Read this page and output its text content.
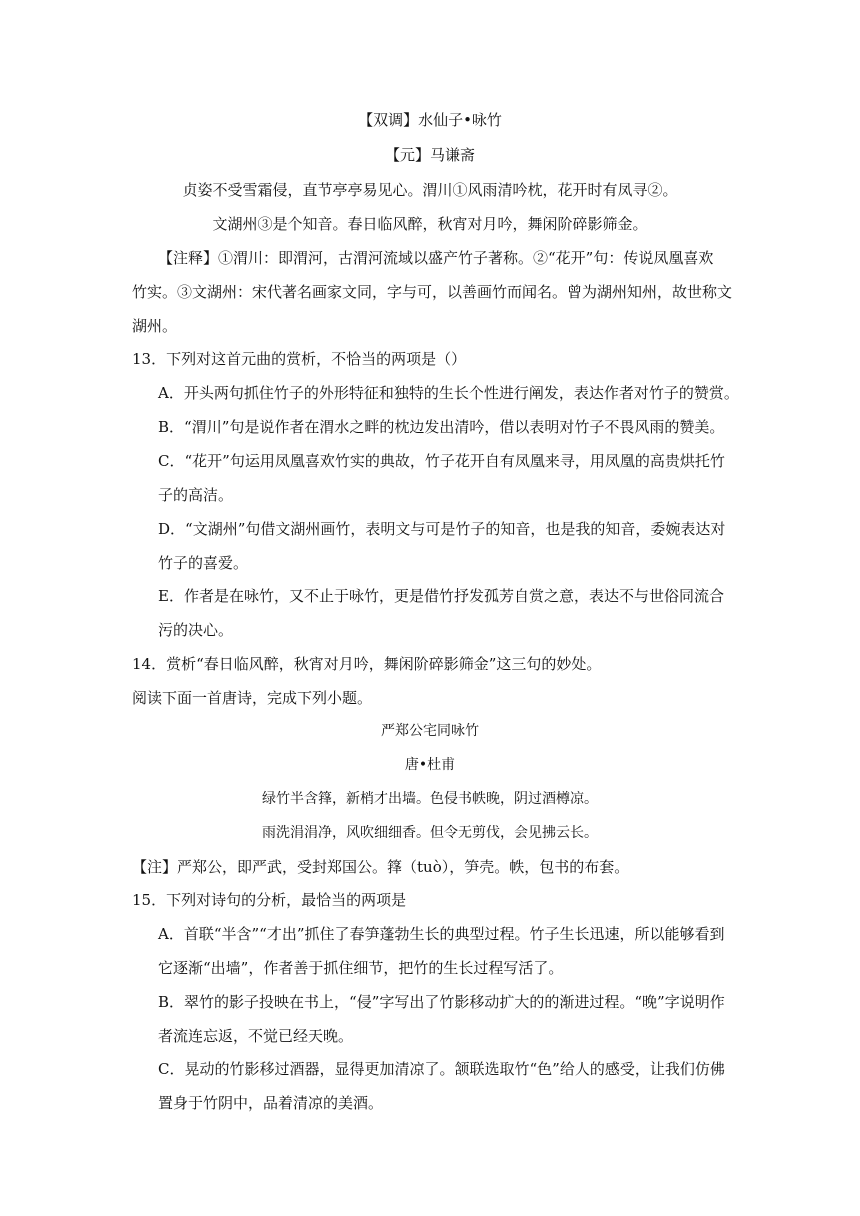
【双调】水仙子•咏竹
【元】马谦斋
贞姿不受雪霜侵，直节亭亭易见心。渭川①风雨清吟枕，花开时有凤寻②。
文湖州③是个知音。春日临风醉，秋宵对月吟，舞闲阶碎影筛金。
【注释】①渭川：即渭河，古渭河流域以盛产竹子著称。②“花开”句：传说凤凰喜欢
竹实。③文湖州：宋代著名画家文同，字与可，以善画竹而闻名。曾为湖州知州，故世称文
湖州。
13．下列对这首元曲的赏析，不恰当的两项是（）
A．开头两句抓住竹子的外形特征和独特的生长个性进行阐发，表达作者对竹子的赞赏。
B．“渭川”句是说作者在渭水之畔的枕边发出清吟，借以表明对竹子不畏风雨的赞美。
C．“花开”句运用凤凰喜欢竹实的典故，竹子花开自有凤凰来寻，用凤凰的高贵烘托竹
子的高洁。
D．“文湖州”句借文湖州画竹，表明文与可是竹子的知音，也是我的知音，委婉表达对
竹子的喜爱。
E．作者是在咏竹，又不止于咏竹，更是借竹抒发孤芳自赏之意，表达不与世俗同流合
污的决心。
14．赏析“春日临风醉，秋宵对月吟，舞闲阶碎影筛金”这三句的妙处。
阅读下面一首唐诗，完成下列小题。
严郑公宅同咏竹
唐•杜甫
绿竹半含箨，新梢才出墙。色侵书帙晚，阴过酒樽凉。
雨洗涓涓净，风吹细细香。但令无剪伐，会见拂云长。
【注】严郑公，即严武，受封郑国公。箨（tuò），笋壳。帙，包书的布套。
15．下列对诗句的分析，最恰当的两项是
A．首联“半含”“才出”抓住了春笋蓬勃生长的典型过程。竹子生长迅速，所以能够看到
它逐渐“出墙”，作者善于抓住细节，把竹的生长过程写活了。
B．翠竹的影子投映在书上，“侵”字写出了竹影移动扩大的的渐进过程。“晚”字说明作
者流连忘返，不觉已经天晚。
C．晃动的竹影移过酒器，显得更加清凉了。颔联选取竹“色”给人的感受，让我们仿佛
置身于竹阴中，品着清凉的美酒。
